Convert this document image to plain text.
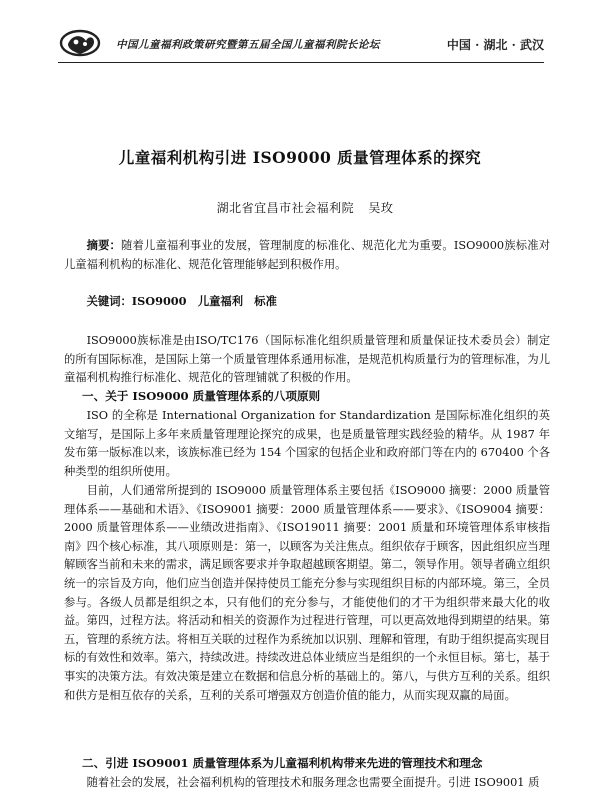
中国儿童福利政策研究暨第五届全国儿童福利院长论坛	中国 · 湖北 · 武汉
儿童福利机构引进 ISO9000 质量管理体系的探究
湖北省宜昌市社会福利院 吴玫

摘要：随着儿童福利事业的发展，管理制度的标准化、规范化尤为重要。ISO9000族标准对儿童福利机构的标准化、规范化管理能够起到积极作用。

关键词：ISO9000　儿童福利　标准

ISO9000族标准是由ISO/TC176（国际标准化组织质量管理和质量保证技术委员会）制定的所有国际标准，是国际上第一个质量管理体系通用标准，是规范机构质量行为的管理标准，为儿童福利机构推行标准化、规范化的管理铺就了积极的作用。

一、关于 ISO9000 质量管理体系的八项原则

ISO 的全称是 International Organization for Standardization 是国际标准化组织的英文缩写，是国际上多年来质量管理理论探究的成果，也是质量管理实践经验的精华。从 1987 年发布第一版标准以来，该族标准已经为 154 个国家的包括企业和政府部门等在内的 670400 个各种类型的组织所使用。

目前，人们通常所提到的 ISO9000 质量管理体系主要包括《ISO9000 摘要：2000 质量管理体系——基础和术语》、《ISO9001 摘要：2000 质量管理体系——要求》、《ISO9004 摘要：2000 质量管理体系——业绩改进指南》、《ISO19011 摘要：2001 质量和环境管理体系审核指南》四个核心标准，其八项原则是：第一，以顾客为关注焦点。组织依存于顾客，因此组织应当理解顾客当前和未来的需求，满足顾客要求并争取超越顾客期望。第二，领导作用。领导者确立组织统一的宗旨及方向，他们应当创造并保持使员工能充分参与实现组织目标的内部环境。第三，全员参与。各级人员都是组织之本，只有他们的充分参与，才能使他们的才干为组织带来最大化的收益。第四，过程方法。将活动和相关的资源作为过程进行管理，可以更高效地得到期望的结果。第五，管理的系统方法。将相互关联的过程作为系统加以识别、理解和管理，有助于组织提高实现目标的有效性和效率。第六，持续改进。持续改进总体业绩应当是组织的一个永恒目标。第七，基于事实的决策方法。有效决策是建立在数据和信息分析的基础上的。第八，与供方互利的关系。组织和供方是相互依存的关系，互利的关系可增强双方创造价值的能力，从而实现双赢的局面。

二、引进 ISO9001 质量管理体系为儿童福利机构带来先进的管理技术和理念

随着社会的发展，社会福利机构的管理技术和服务理念也需要全面提升。引进 ISO9001 质
